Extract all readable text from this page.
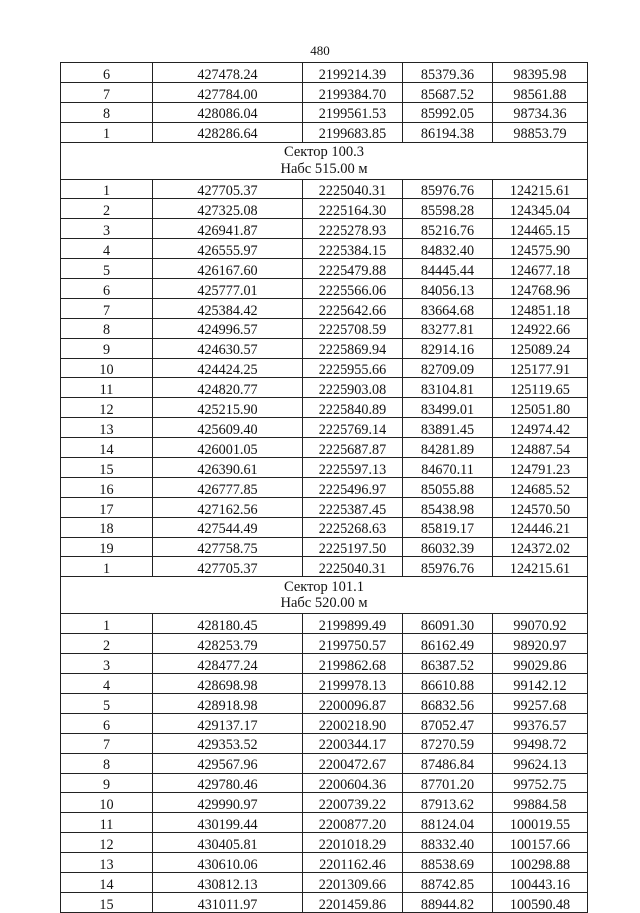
480
6	427478.24	2199214.39	85379.36	98395.98
7	427784.00	2199384.70	85687.52	98561.88
8	428086.04	2199561.53	85992.05	98734.36
1	428286.64	2199683.85	86194.38	98853.79

Сектор 100.3
Набс 515.00 м				

1	427705.37	2225040.31	85976.76	124215.61
2	427325.08	2225164.30	85598.28	124345.04
3	426941.87	2225278.93	85216.76	124465.15
4	426555.97	2225384.15	84832.40	124575.90
5	426167.60	2225479.88	84445.44	124677.18
6	425777.01	2225566.06	84056.13	124768.96
7	425384.42	2225642.66	83664.68	124851.18
8	424996.57	2225708.59	83277.81	124922.66
9	424630.57	2225869.94	82914.16	125089.24
10	424424.25	2225955.66	82709.09	125177.91
11	424820.77	2225903.08	83104.81	125119.65
12	425215.90	2225840.89	83499.01	125051.80
13	425609.40	2225769.14	83891.45	124974.42
14	426001.05	2225687.87	84281.89	124887.54
15	426390.61	2225597.13	84670.11	124791.23
16	426777.85	2225496.97	85055.88	124685.52
17	427162.56	2225387.45	85438.98	124570.50
18	427544.49	2225268.63	85819.17	124446.21
19	427758.75	2225197.50	86032.39	124372.02
1	427705.37	2225040.31	85976.76	124215.61

Сектор 101.1
Набс 520.00 м				

1	428180.45	2199899.49	86091.30	99070.92
2	428253.79	2199750.57	86162.49	98920.97
3	428477.24	2199862.68	86387.52	99029.86
4	428698.98	2199978.13	86610.88	99142.12
5	428918.98	2200096.87	86832.56	99257.68
6	429137.17	2200218.90	87052.47	99376.57
7	429353.52	2200344.17	87270.59	99498.72
8	429567.96	2200472.67	87486.84	99624.13
9	429780.46	2200604.36	87701.20	99752.75
10	429990.97	2200739.22	87913.62	99884.58
11	430199.44	2200877.20	88124.04	100019.55
12	430405.81	2201018.29	88332.40	100157.66
13	430610.06	2201162.46	88538.69	100298.88
14	430812.13	2201309.66	88742.85	100443.16
15	431011.97	2201459.86	88944.82	100590.48
